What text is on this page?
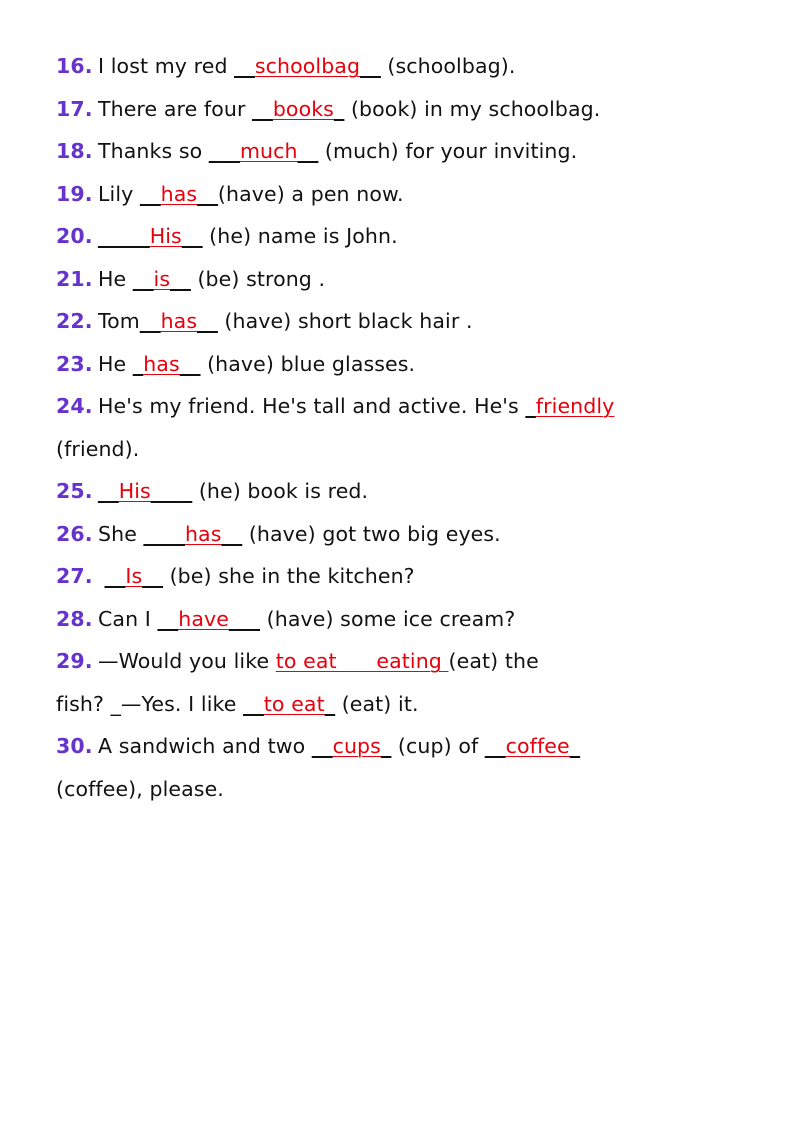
16. I lost my red __schoolbag__ (schoolbag).
17. There are four __books_ (book) in my schoolbag.
18. Thanks so ___much__ (much) for your inviting.
19. Lily __has__(have) a pen now.
20. _____His__ (he) name is John.
21. He __is__ (be) strong .
22. Tom__has__ (have) short black hair .
23. He _has__ (have) blue glasses.
24. He's my friend. He's tall and active. He's _friendly
(friend).
25. __His____ (he) book is red.
26. She ____has__ (have) got two big eyes.
27. __Is__ (be) she in the kitchen?
28. Can I __have___ (have) some ice cream?
29. —Would you like to eat      eating (eat) the
fish? _—Yes. I like __to eat_ (eat) it.
30. A sandwich and two __cups_ (cup) of __coffee_
(coffee), please.
